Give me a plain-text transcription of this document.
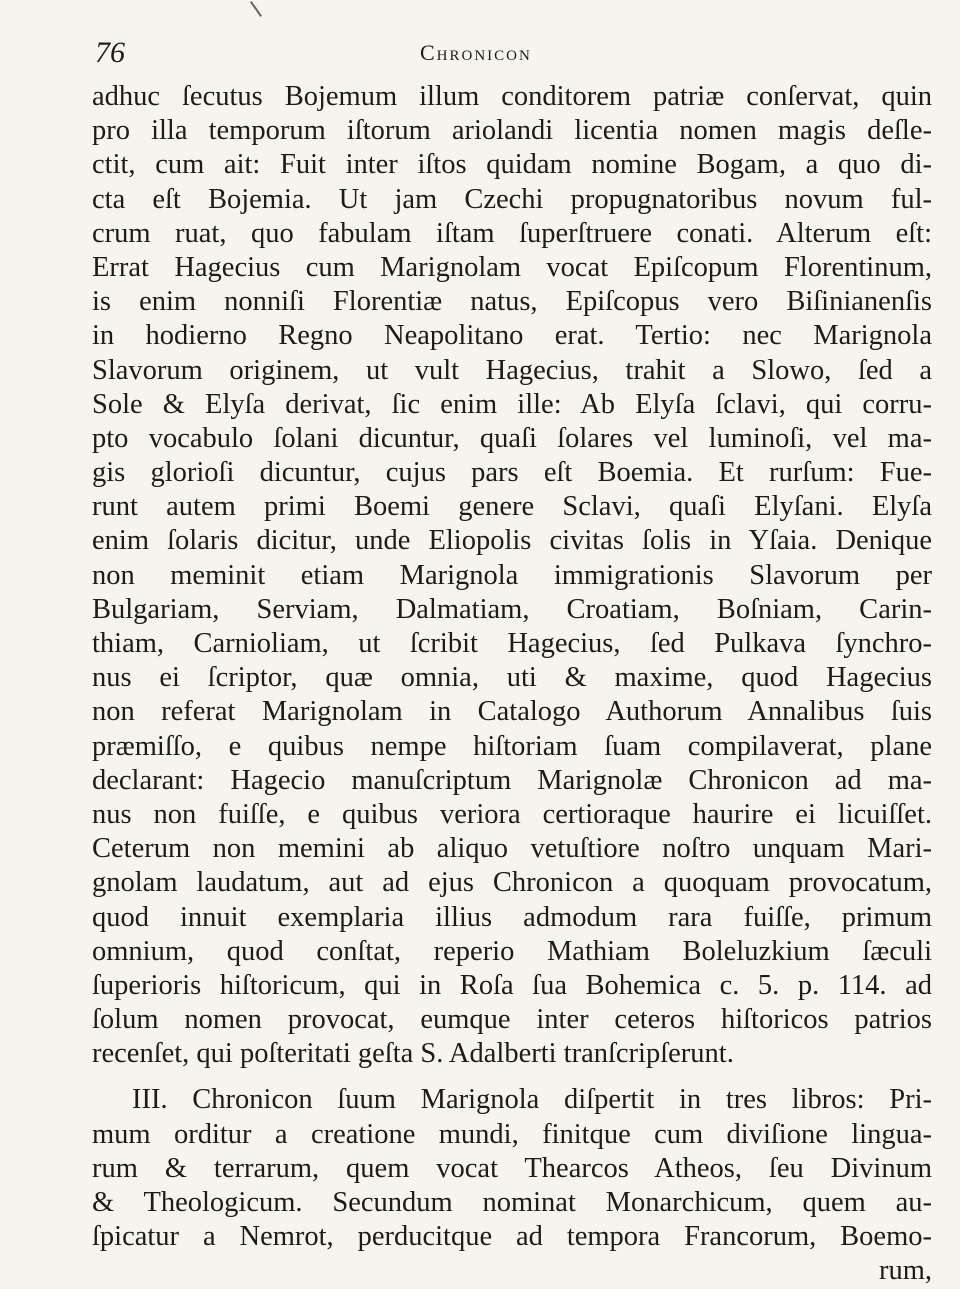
76	Chronicon
adhuc ſecutus Bojemum illum conditorem patriæ conſervat, quin
pro illa temporum iſtorum ariolandi licentia nomen magis deſle-
ctit, cum ait: Fuit inter iſtos quidam nomine Bogam, a quo di-
cta eſt Bojemia. Ut jam Czechi propugnatoribus novum ful-
crum ruat, quo fabulam iſtam ſuperſtruere conati. Alterum eſt:
Errat Hagecius cum Marignolam vocat Epiſcopum Florentinum,
is enim nonniſi Florentiæ natus, Epiſcopus vero Biſinianenſis
in hodierno Regno Neapolitano erat. Tertio: nec Marignola
Slavorum originem, ut vult Hagecius, trahit a Slowo, ſed a
Sole & Elyſa derivat, ſic enim ille: Ab Elyſa ſclavi, qui corru-
pto vocabulo ſolani dicuntur, quaſi ſolares vel luminoſi, vel ma-
gis glorioſi dicuntur, cujus pars eſt Boemia. Et rurſum: Fue-
runt autem primi Boemi genere Sclavi, quaſi Elyſani. Elyſa
enim ſolaris dicitur, unde Eliopolis civitas ſolis in Yſaia. Denique
non meminit etiam Marignola immigrationis Slavorum per
Bulgariam, Serviam, Dalmatiam, Croatiam, Boſniam, Carin-
thiam, Carnioliam, ut ſcribit Hagecius, ſed Pulkava ſynchro-
nus ei ſcriptor, quæ omnia, uti & maxime, quod Hagecius
non referat Marignolam in Catalogo Authorum Annalibus ſuis
præmiſſo, e quibus nempe hiſtoriam ſuam compilaverat, plane
declarant: Hagecio manuſcriptum Marignolæ Chronicon ad ma-
nus non fuiſſe, e quibus veriora certioraque haurire ei licuiſſet.
Ceterum non memini ab aliquo vetuſtiore noſtro unquam Mari-
gnolam laudatum, aut ad ejus Chronicon a quoquam provocatum,
quod innuit exemplaria illius admodum rara fuiſſe, primum
omnium, quod conſtat, reperio Mathiam Boleluzkium ſæculi
ſuperioris hiſtoricum, qui in Roſa ſua Bohemica c. 5. p. 114. ad
ſolum nomen provocat, eumque inter ceteros hiſtoricos patrios
recenſet, qui poſteritati geſta S. Adalberti tranſcripſerunt.
III. Chronicon ſuum Marignola diſpertit in tres libros: Pri-
mum orditur a creatione mundi, finitque cum diviſione lingua-
rum & terrarum, quem vocat Thearcos Atheos, ſeu Divinum
& Theologicum. Secundum nominat Monarchicum, quem au-
ſpicatur a Nemrot, perducitque ad tempora Francorum, Boemo-
rum,
